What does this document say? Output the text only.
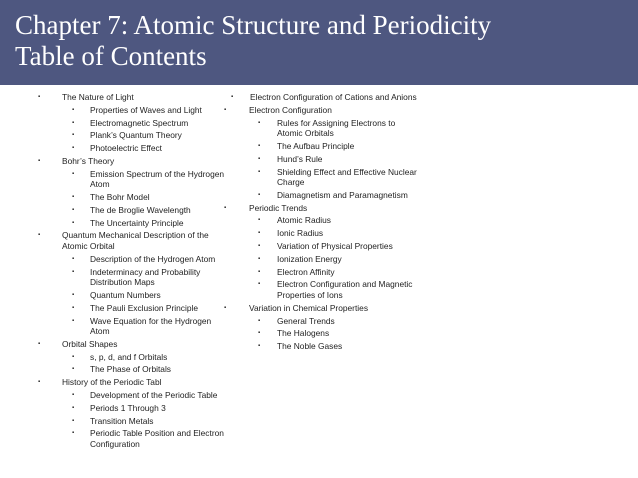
Chapter 7: Atomic Structure and Periodicity
Table of Contents
▪	The Nature of Light
▪ Properties of Waves and Light
▪ Electromagnetic Spectrum
▪ Plank’s Quantum Theory
▪ Photoelectric Effect
▪	Bohr’s Theory
▪ Emission Spectrum of the Hydrogen Atom
▪ The Bohr Model
▪ The de Broglie Wavelength
▪ The Uncertainty Principle
▪	Quantum Mechanical Description of the Atomic Orbital
▪ Description of the Hydrogen Atom
▪ Indeterminacy and Probability Distribution Maps
▪ Quantum Numbers
▪ The Pauli Exclusion Principle
▪ Wave Equation for the Hydrogen Atom
▪	Orbital Shapes
▪ s, p, d, and f Orbitals
▪ The Phase of Orbitals
▪	History of the Periodic Tabl
▪ Development of the Periodic Table
▪ Periods 1 Through 3
▪ Transition Metals
▪ Periodic Table Position and Electron Configuration
▪ Electron Configuration of Cations and Anions
▪	Electron Configuration
▪ Rules for Assigning Electrons to Atomic Orbitals
▪ The Aufbau Principle
▪ Hund’s Rule
▪ Shielding Effect and Effective Nuclear Charge
▪ Diamagnetism and Paramagnetism
▪	Periodic Trends
▪ Atomic Radius
▪ Ionic Radius
▪ Variation of Physical Properties
▪ Ionization Energy
▪ Electron Affinity
▪ Electron Configuration and Magnetic Properties of Ions
▪	Variation in Chemical Properties
▪ General Trends
▪ The Halogens
▪ The Noble Gases
